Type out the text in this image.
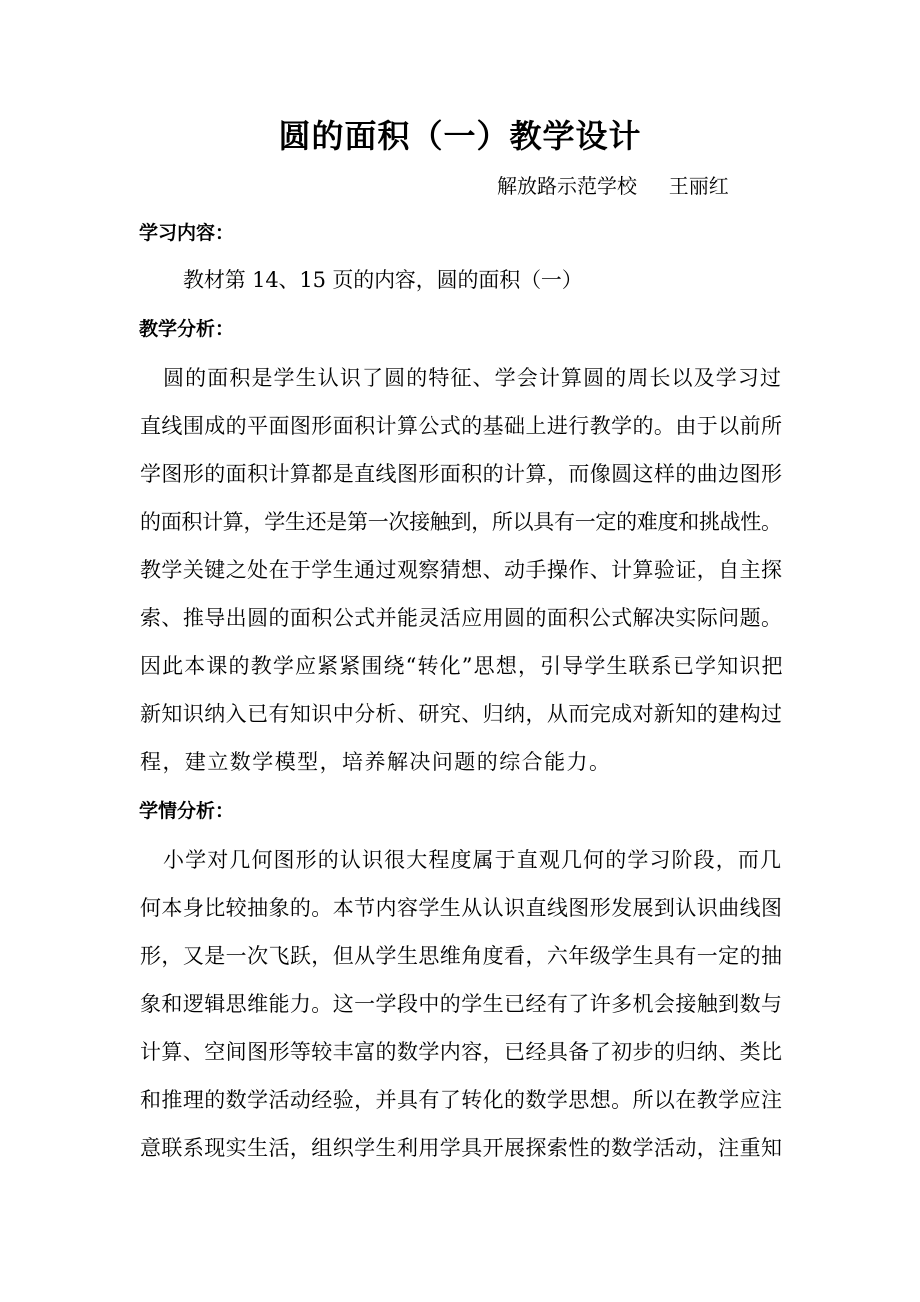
圆的面积（一）教学设计
解放路示范学校     王丽红
学习内容：
教材第 14、15 页的内容，圆的面积（一）
教学分析：
圆的面积是学生认识了圆的特征、学会计算圆的周长以及学习过
直线围成的平面图形面积计算公式的基础上进行教学的。由于以前所
学图形的面积计算都是直线图形面积的计算，而像圆这样的曲边图形
的面积计算，学生还是第一次接触到，所以具有一定的难度和挑战性。
教学关键之处在于学生通过观察猜想、动手操作、计算验证，自主探
索、推导出圆的面积公式并能灵活应用圆的面积公式解决实际问题。
因此本课的教学应紧紧围绕“转化”思想，引导学生联系已学知识把
新知识纳入已有知识中分析、研究、归纳，从而完成对新知的建构过
程，建立数学模型，培养解决问题的综合能力。
学情分析：
小学对几何图形的认识很大程度属于直观几何的学习阶段，而几
何本身比较抽象的。本节内容学生从认识直线图形发展到认识曲线图
形，又是一次飞跃，但从学生思维角度看，六年级学生具有一定的抽
象和逻辑思维能力。这一学段中的学生已经有了许多机会接触到数与
计算、空间图形等较丰富的数学内容，已经具备了初步的归纳、类比
和推理的数学活动经验，并具有了转化的数学思想。所以在教学应注
意联系现实生活，组织学生利用学具开展探索性的数学活动，注重知
